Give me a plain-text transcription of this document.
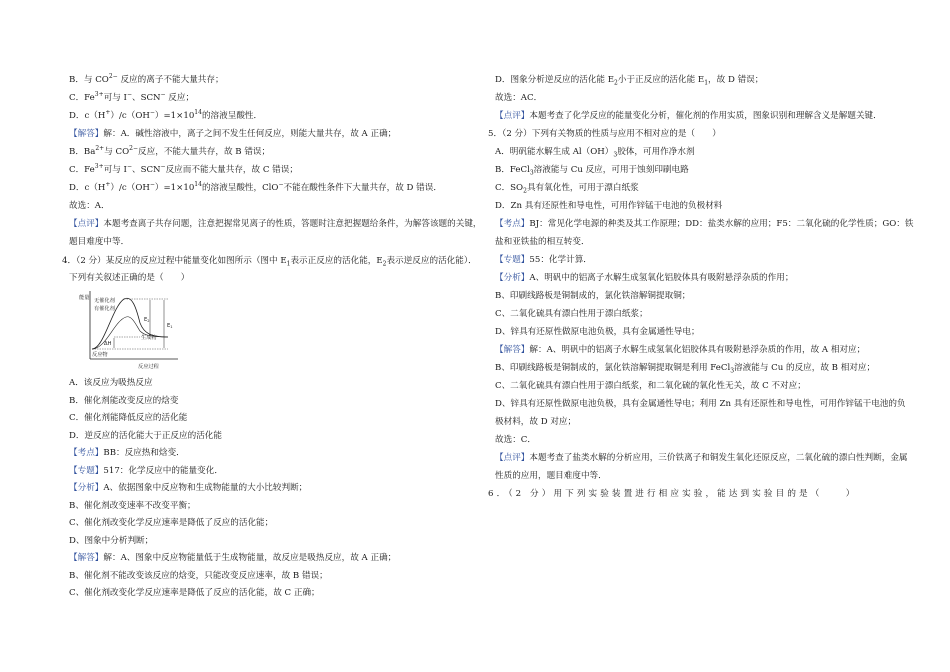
B．与 $CO^{2-}$ 反应的离子不能大量共存；
C．$Fe^{3+}$可与 I−、SCN− 反应；
D．$c(H^+)/c(OH^-)=1\times 10^{14}$的溶液呈酸性．
【解答】解：A．碱性溶液中，离子之间不发生任何反应，则能大量共存，故 A 正确；
B．$Ba^{2+}$与 $CO^{2-}$反应，不能大量共存，故 B 错误；
C．$Fe^{3+}$可与 I−、SCN−反应而不能大量共存，故 C 错误；
D．$c(H^+)/c(OH^-)=1\times 10^{14}$的溶液呈酸性，ClO−不能在酸性条件下大量共存，故 D 错误．
故选：A．
【点评】本题考查离子共存问题，注意把握常见离子的性质，答题时注意把握题给条件，为解答该题的关键，
题目难度中等．
4．（2 分）某反应的反应过程中能量变化如图所示（图中 $E_1$表示正反应的活化能，$E_2$表示逆反应的活化能）．
下列有关叙述正确的是（　　）
能量
反应过程
无催化剂
有催化剂
E2
E1
ΔH
生成物
反应物
A．该反应为吸热反应
B．催化剂能改变反应的焓变
C．催化剂能降低反应的活化能
D．逆反应的活化能大于正反应的活化能
【考点】BB：反应热和焓变．
【专题】517：化学反应中的能量变化．
【分析】A、依据图象中反应物和生成物能量的大小比较判断；
B、催化剂改变速率不改变平衡；
C、催化剂改变化学反应速率是降低了反应的活化能；
D、图象中分析判断；
【解答】解：A、图象中反应物能量低于生成物能量，故反应是吸热反应，故 A 正确；
B、催化剂不能改变该反应的焓变，只能改变反应速率，故 B 错误；
C、催化剂改变化学反应速率是降低了反应的活化能，故 C 正确；
D．图象分析逆反应的活化能 $E_2$小于正反应的活化能 $E_1$，故 D 错误；
故选：AC．
【点评】本题考查了化学反应的能量变化分析，催化剂的作用实质，图象识别和理解含义是解题关键．
5．（2 分）下列有关物质的性质与应用不相对应的是（　　）
A．明矾能水解生成 $Al(OH)_3$胶体，可用作净水剂
B．FeCl$_3$溶液能与 Cu 反应，可用于蚀刻印刷电路
C．$SO_2$具有氧化性，可用于漂白纸浆
D．Zn 具有还原性和导电性，可用作锌锰干电池的负极材料
【考点】BJ：常见化学电源的种类及其工作原理；DD：盐类水解的应用；F5：二氧化硫的化学性质；GO：铁
盐和亚铁盐的相互转变．
【专题】55：化学计算．
【分析】A、明矾中的铝离子水解生成氢氧化铝胶体具有吸附悬浮杂质的作用；
B、印刷线路板是铜制成的，氯化铁溶解铜提取铜；
C、二氧化硫具有漂白性用于漂白纸浆；
D、锌具有还原性做原电池负极，具有金属通性导电；
【解答】解：A、明矾中的铝离子水解生成氢氧化铝胶体具有吸附悬浮杂质的作用，故 A 相对应；
B、印刷线路板是铜制成的，氯化铁溶解铜提取铜是利用 FeCl$_3$溶液能与 Cu 的反应，故 B 相对应；
C、二氧化硫具有漂白性用于漂白纸浆，和二氧化硫的氧化性无关，故 C 不对应；
D、锌具有还原性做原电池负极，具有金属通性导电；利用 Zn 具有还原性和导电性，可用作锌锰干电池的负
极材料，故 D 对应；
故选：C．
【点评】本题考查了盐类水解的分析应用，三价铁离子和铜发生氧化还原反应，二氧化硫的漂白性判断，金属
性质的应用，题目难度中等．
6．（2 分）用下列实验装置进行相应实验，能达到实验目的是（　　）
